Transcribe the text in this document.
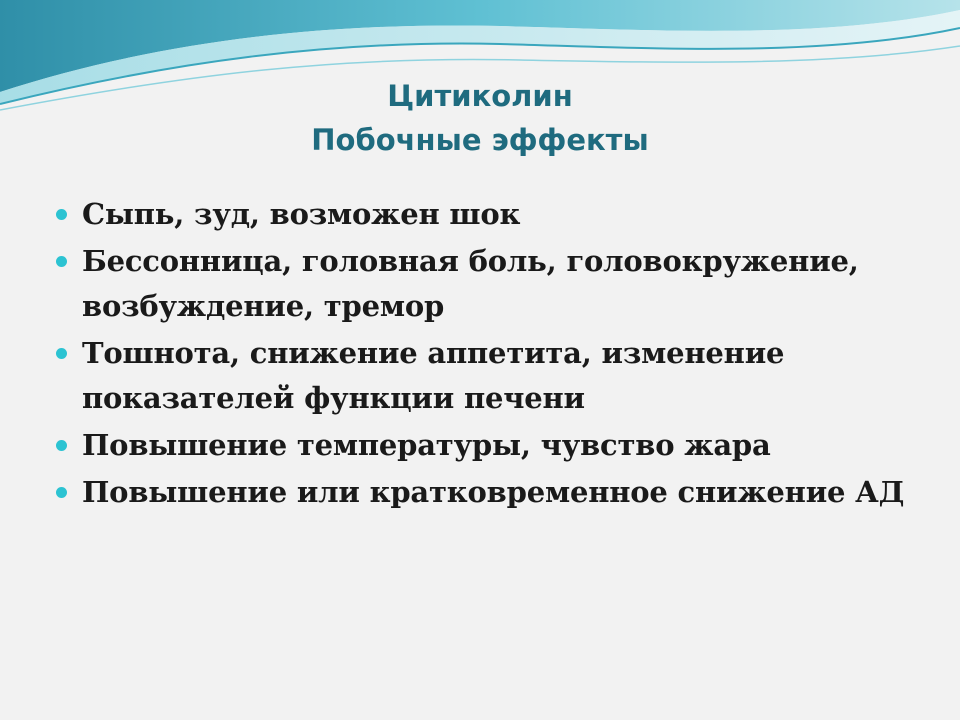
Цитиколин
Побочные эффекты
Сыпь, зуд, возможен шок
Бессонница, головная боль, головокружение, возбуждение, тремор
Тошнота, снижение аппетита, изменение показателей функции печени
Повышение температуры, чувство жара
Повышение или кратковременное снижение АД
